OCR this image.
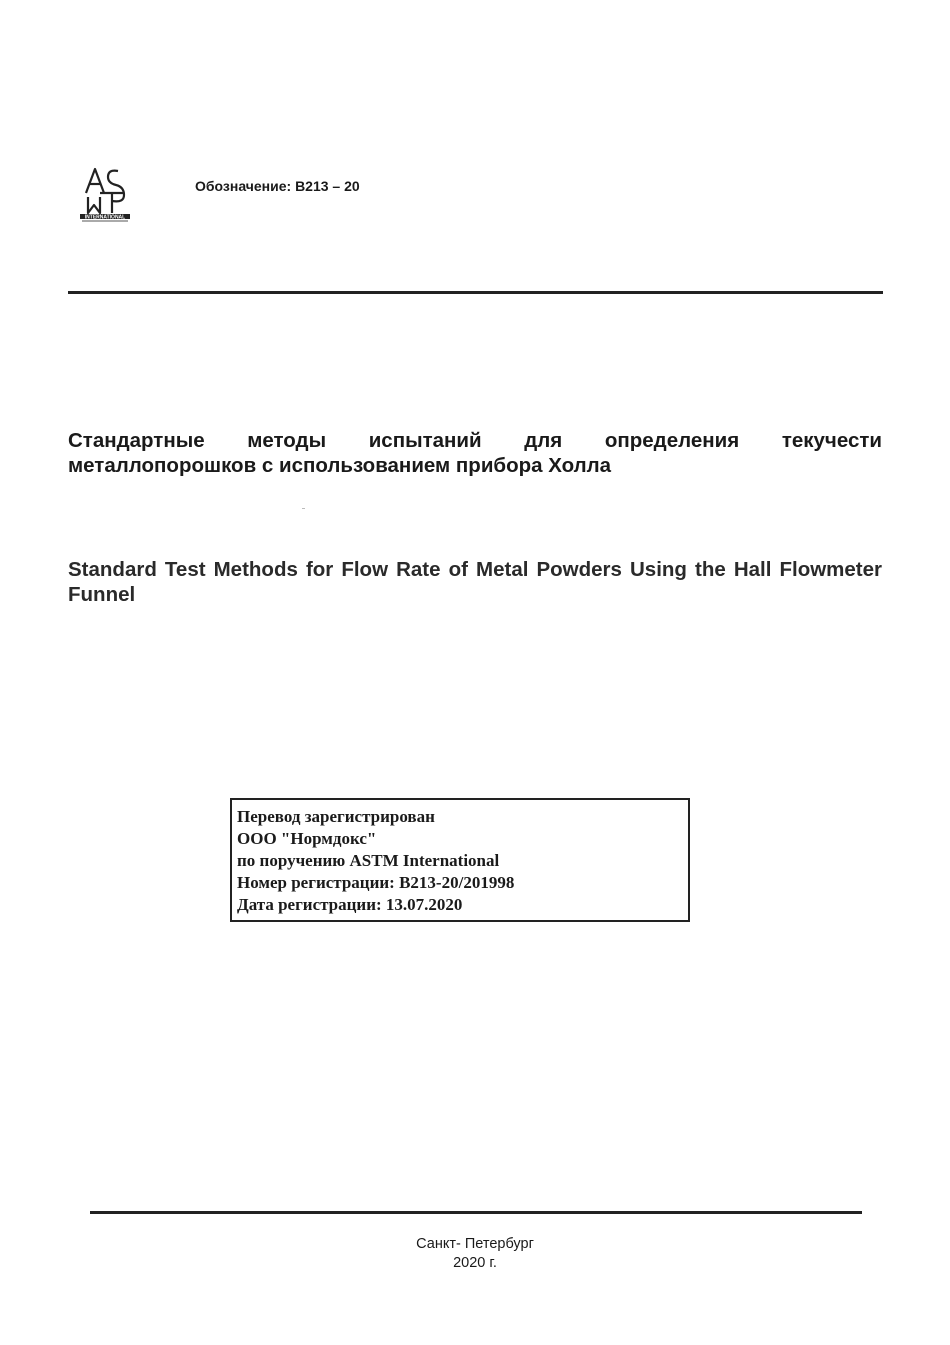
INTERNATIONAL
Обозначение: B213 – 20
Стандартные методы испытаний для определения текучести металлопорошков с использованием прибора Холла
Standard Test Methods for Flow Rate of Metal Powders Using the Hall Flowmeter Funnel
Перевод зарегистрирован
ООО "Нормдокс"
по поручению ASTM International
Номер регистрации: B213-20/201998
Дата регистрации: 13.07.2020
Санкт- Петербург
2020 г.
